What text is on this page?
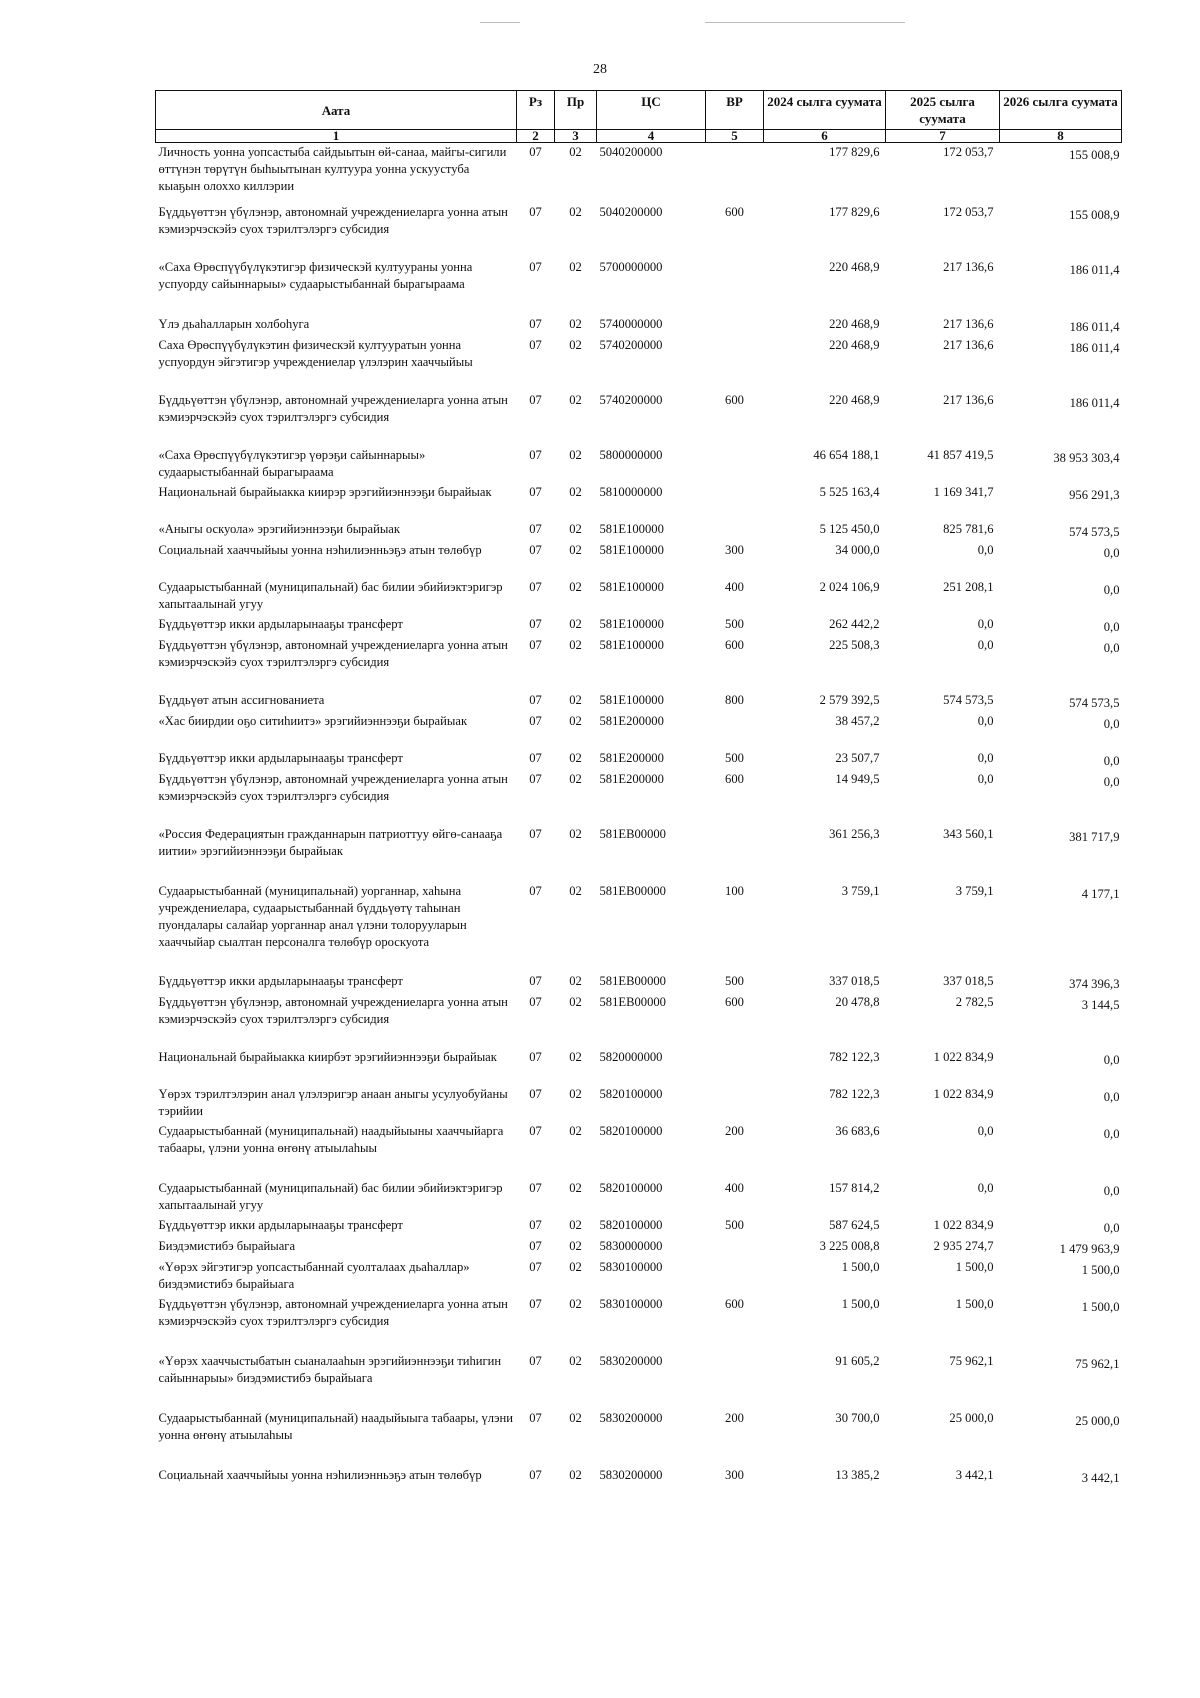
28
Аата	Рз	Пр	ЦС	ВР	2024 сылга суумата	2025 сылга суумата	2026 сылга суумата
1	2	3	4	5	6	7	8
Личность уонна уопсастыба сайдыытын өй-санаа, майгы-сигили өттүнэн төрүтүн быһыытынан култуура уонна ускуустуба кыаҕын олоххо киллэрии	07	02	5040200000		177 829,6	172 053,7	155 008,9
Бүддьүөттэн үбүлэнэр, автономнай учреждениеларга уонна атын кэмиэрчэскэйэ суох тэрилтэлэргэ субсидия	07	02	5040200000	600	177 829,6	172 053,7	155 008,9
«Саха Өрөспүүбүлүкэтигэр физическэй култуураны уонна успуорду сайыннарыы» судаарыстыбаннай бырагыраама	07	02	5700000000		220 468,9	217 136,6	186 011,4
Үлэ дьаһалларын холбоһуга	07	02	5740000000		220 468,9	217 136,6	186 011,4
Саха Өрөспүүбүлүкэтин физическэй култууратын уонна успуордун эйгэтигэр учреждениелар үлэлэрин хааччыйыы	07	02	5740200000		220 468,9	217 136,6	186 011,4
Бүддьүөттэн үбүлэнэр, автономнай учреждениеларга уонна атын кэмиэрчэскэйэ суох тэрилтэлэргэ субсидия	07	02	5740200000	600	220 468,9	217 136,6	186 011,4
«Саха Өрөспүүбүлүкэтигэр үөрэҕи сайыннарыы» судаарыстыбаннай бырагыраама	07	02	5800000000		46 654 188,1	41 857 419,5	38 953 303,4
Национальнай бырайыакка киирэр эрэгийиэннээҕи бырайыак	07	02	5810000000		5 525 163,4	1 169 341,7	956 291,3
«Аныгы оскуола» эрэгийиэннээҕи бырайыак	07	02	581E100000		5 125 450,0	825 781,6	574 573,5
Социальнай хааччыйыы уонна нэһилиэнньэҕэ атын төлөбүр	07	02	581E100000	300	34 000,0	0,0	0,0
Судаарыстыбаннай (муниципальнай) бас билии эбийиэктэригэр хапытаалынай угуу	07	02	581E100000	400	2 024 106,9	251 208,1	0,0
Бүддьүөттэр икки ардыларынааҕы трансферт	07	02	581E100000	500	262 442,2	0,0	0,0
Бүддьүөттэн үбүлэнэр, автономнай учреждениеларга уонна атын кэмиэрчэскэйэ суох тэрилтэлэргэ субсидия	07	02	581E100000	600	225 508,3	0,0	0,0
Бүддьүөт атын ассигнованиета	07	02	581E100000	800	2 579 392,5	574 573,5	574 573,5
«Хас биирдии оҕо ситиһиитэ» эрэгийиэннээҕи бырайыак	07	02	581E200000		38 457,2	0,0	0,0
Бүддьүөттэр икки ардыларынааҕы трансферт	07	02	581E200000	500	23 507,7	0,0	0,0
Бүддьүөттэн үбүлэнэр, автономнай учреждениеларга уонна атын кэмиэрчэскэйэ суох тэрилтэлэргэ субсидия	07	02	581E200000	600	14 949,5	0,0	0,0
«Россия Федерациятын гражданнарын патриоттуу өйгө-санааҕа иитии» эрэгийиэннээҕи бырайыак	07	02	581EB00000		361 256,3	343 560,1	381 717,9
Судаарыстыбаннай (муниципальнай) уорганнар, хаһына учреждениелара, судаарыстыбаннай бүддьүөтү таһынан пуондалары салайар уорганнар анал үлэни толорууларын хааччыйар сыалтан персоналга төлөбүр ороскуота	07	02	581EB00000	100	3 759,1	3 759,1	4 177,1
Бүддьүөттэр икки ардыларынааҕы трансферт	07	02	581EB00000	500	337 018,5	337 018,5	374 396,3
Бүддьүөттэн үбүлэнэр, автономнай учреждениеларга уонна атын кэмиэрчэскэйэ суох тэрилтэлэргэ субсидия	07	02	581EB00000	600	20 478,8	2 782,5	3 144,5
Национальнай бырайыакка киирбэт эрэгийиэннээҕи бырайыак	07	02	5820000000		782 122,3	1 022 834,9	0,0
Үөрэх тэрилтэлэрин анал үлэлэригэр анаан аныгы усулуобуйаны тэрийии	07	02	5820100000		782 122,3	1 022 834,9	0,0
Судаарыстыбаннай (муниципальнай) наадыйыыны хааччыйарга табаары, үлэни уонна өҥөнү атыылаһыы	07	02	5820100000	200	36 683,6	0,0	0,0
Судаарыстыбаннай (муниципальнай) бас билии эбийиэктэригэр хапытаалынай угуу	07	02	5820100000	400	157 814,2	0,0	0,0
Бүддьүөттэр икки ардыларынааҕы трансферт	07	02	5820100000	500	587 624,5	1 022 834,9	0,0
Биэдэмистибэ бырайыага	07	02	5830000000		3 225 008,8	2 935 274,7	1 479 963,9
«Үөрэх эйгэтигэр уопсастыбаннай суолталаах дьаһаллар» биэдэмистибэ бырайыага	07	02	5830100000		1 500,0	1 500,0	1 500,0
Бүддьүөттэн үбүлэнэр, автономнай учреждениеларга уонна атын кэмиэрчэскэйэ суох тэрилтэлэргэ субсидия	07	02	5830100000	600	1 500,0	1 500,0	1 500,0
«Үөрэх хааччыстыбатын сыаналааһын эрэгийиэннээҕи тиһигин сайыннарыы» биэдэмистибэ бырайыага	07	02	5830200000		91 605,2	75 962,1	75 962,1
Судаарыстыбаннай (муниципальнай) наадыйыыга табаары, үлэни уонна өҥөнү атыылаһыы	07	02	5830200000	200	30 700,0	25 000,0	25 000,0
Социальнай хааччыйыы уонна нэһилиэнньэҕэ атын төлөбүр	07	02	5830200000	300	13 385,2	3 442,1	3 442,1
